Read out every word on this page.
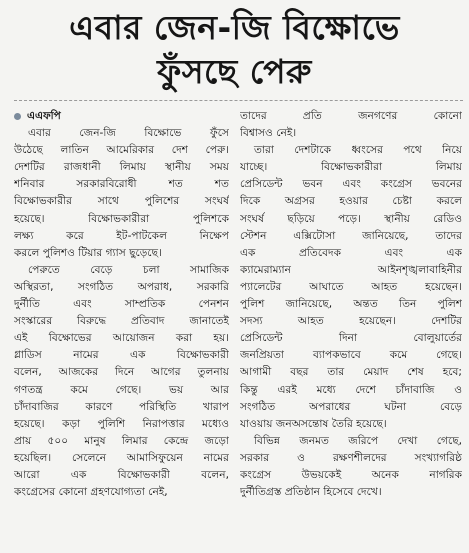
এবার জেন-জি বিক্ষোভে
ফুঁসছে পেরু
এএফপি
এবার জেন-জি বিক্ষোভে ফুঁসে
উঠেছে লাতিন আমেরিকার দেশ পেরু।
দেশটির রাজধানী লিমায় স্থানীয় সময়
শনিবার সরকারবিরোধী শত শত
বিক্ষোভকারীর সাথে পুলিশের সংঘর্ষ
হয়েছে। বিক্ষোভকারীরা পুলিশকে
লক্ষ্য করে ইট-পাটকেল নিক্ষেপ
করলে পুলিশও টিয়ার গ্যাস ছুড়েছে।
পেরুতে বেড়ে চলা সামাজিক
অস্থিরতা, সংগঠিত অপরাধ, সরকারি
দুর্নীতি এবং সাম্প্রতিক পেনশন
সংস্কারের বিরুদ্ধে প্রতিবাদ জানাতেই
এই বিক্ষোভের আয়োজন করা হয়।
গ্লাডিস নামের এক বিক্ষোভকারী
বলেন, আজকের দিনে আগের তুলনায়
গণতন্ত্র কমে গেছে। ভয় আর
চাঁদাবাজির কারণে পরিস্থিতি খারাপ
হয়েছে। কড়া পুলিশি নিরাপত্তার মধ্যেও
প্রায় ৫০০ মানুষ লিমার কেন্দ্রে জড়ো
হয়েছিল। সেলেনে আমাসিফুয়েন নামের
আরো এক বিক্ষোভকারী বলেন,
কংগ্রেসের কোনো গ্রহণযোগ্যতা নেই,
তাদের প্রতি জনগণের কোনো
বিশ্বাসও নেই।
তারা দেশটাকে ধ্বংসের পথে নিয়ে
যাচ্ছে। বিক্ষোভকারীরা লিমায়
প্রেসিডেন্ট ভবন এবং কংগ্রেস ভবনের
দিকে অগ্রসর হওয়ার চেষ্টা করলে
সংঘর্ষ ছড়িয়ে পড়ে। স্থানীয় রেডিও
স্টেশন এক্সিটোসা জানিয়েছে, তাদের
এক প্রতিবেদক এবং এক
ক্যামেরাম্যান আইনশৃঙ্খলাবাহিনীর
প্যালেটের আঘাতে আহত হয়েছেন।
পুলিশ জানিয়েছে, অন্তত তিন পুলিশ
সদস্য আহত হয়েছেন। দেশটির
প্রেসিডেন্ট দিনা বোলুয়ার্তের
জনপ্রিয়তা ব্যাপকভাবে কমে গেছে।
আগামী বছর তার মেয়াদ শেষ হবে;
কিন্তু এরই মধ্যে দেশে চাঁদাবাজি ও
সংগঠিত অপরাধের ঘটনা বেড়ে
যাওয়ায় জনঅসন্তোষ তৈরি হয়েছে।
বিভিন্ন জনমত জরিপে দেখা গেছে,
সরকার ও রক্ষণশীলদের সংখ্যাগরিষ্ঠ
কংগ্রেস উভয়কেই অনেক নাগরিক
দুর্নীতিগ্রস্ত প্রতিষ্ঠান হিসেবে দেখে।
